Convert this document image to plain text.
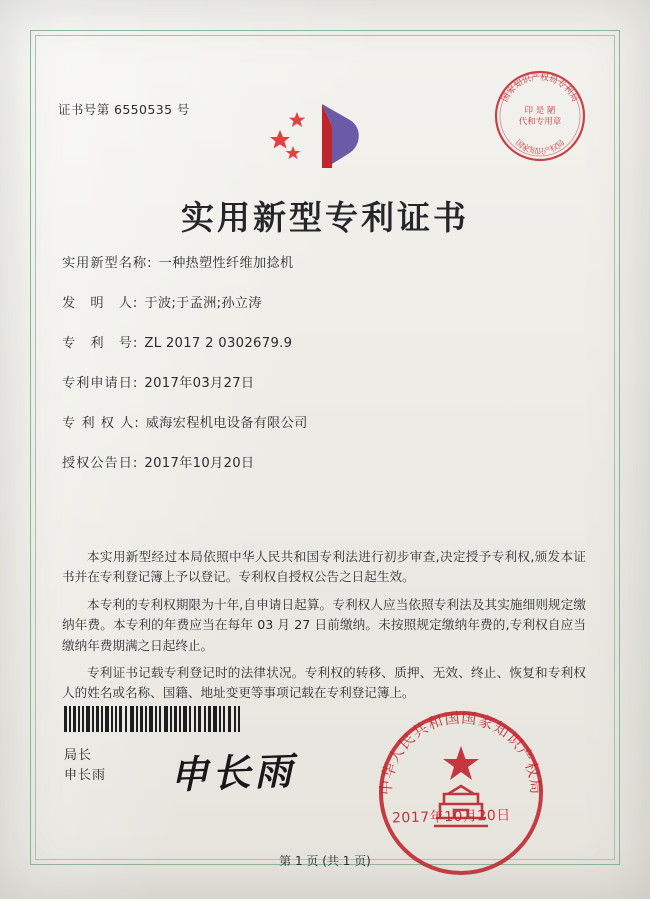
证书号第 6550535 号
国家知识产权局专利局
国家知识产权局
印 是 陋
代和专用章
实用新型专利证书
实用新型名称: 一种热塑性纤维加捻机
发　明　人: 于波;于孟洲;孙立涛
专　利　号: ZL 2017 2 0302679.9
专利申请日: 2017年03月27日
专 利 权 人: 威海宏程机电设备有限公司
授权公告日: 2017年10月20日
本实用新型经过本局依照中华人民共和国专利法进行初步审查,决定授予专利权,颁发本证书并在专利登记簿上予以登记。专利权自授权公告之日起生效。
本专利的专利权期限为十年,自申请日起算。专利权人应当依照专利法及其实施细则规定缴纳年费。本专利的年费应当在每年 03 月 27 日前缴纳。未按照规定缴纳年费的,专利权自应当缴纳年费期满之日起终止。
专利证书记载专利登记时的法律状况。专利权的转移、质押、无效、终止、恢复和专利权人的姓名或名称、国籍、地址变更等事项记载在专利登记簿上。
局长
申长雨 申长雨	中华人民共和国国家知识产权局
2017年10月20日
第 1 页 (共 1 页)
